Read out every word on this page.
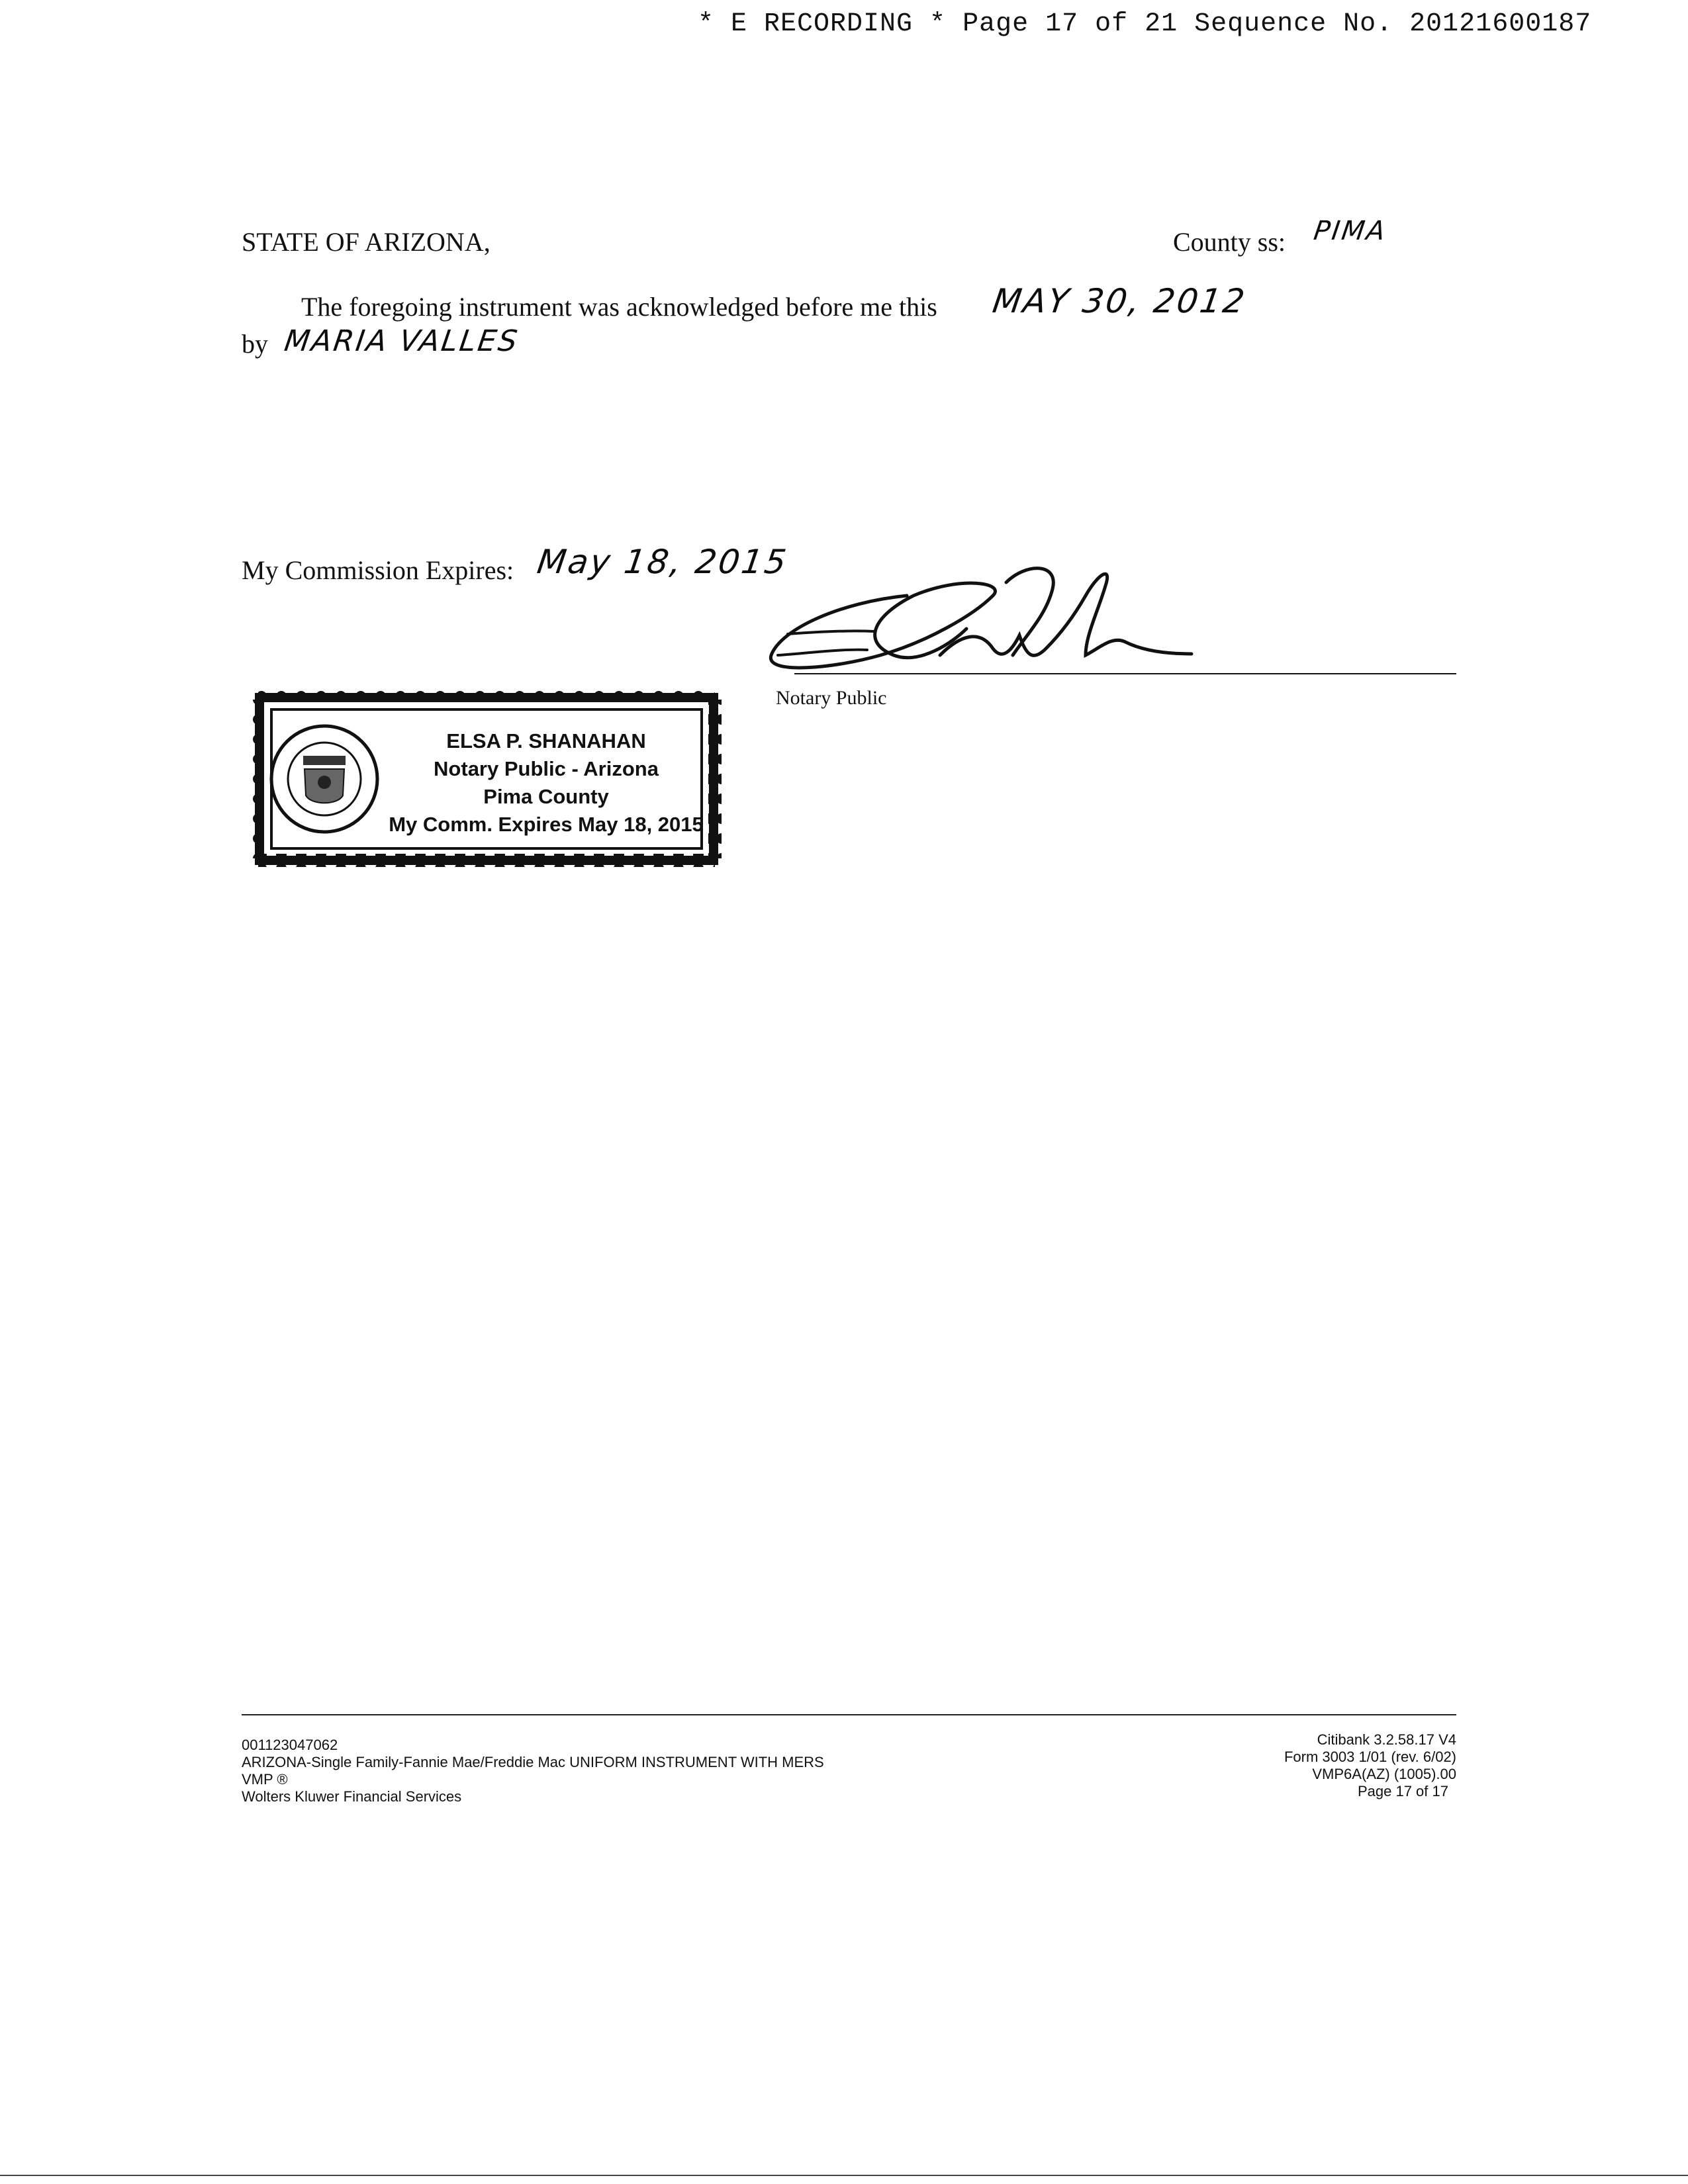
* E RECORDING * Page 17 of 21 Sequence No. 20121600187
STATE OF ARIZONA,	County ss: PIMA
The foregoing instrument was acknowledged before me this MAY 30, 2012
by MARIA VALLES
My Commission Expires: May 18, 2015
Notary Public
ELSA P. SHANAHAN
Notary Public - Arizona
Pima County
My Comm. Expires May 18, 2015
001123047062
ARIZONA-Single Family-Fannie Mae/Freddie Mac UNIFORM INSTRUMENT WITH MERS
VMP ®
Wolters Kluwer Financial Services
Citibank 3.2.58.17 V4
Form 3003 1/01 (rev. 6/02)
VMP6A(AZ) (1005).00
Page 17 of 17
